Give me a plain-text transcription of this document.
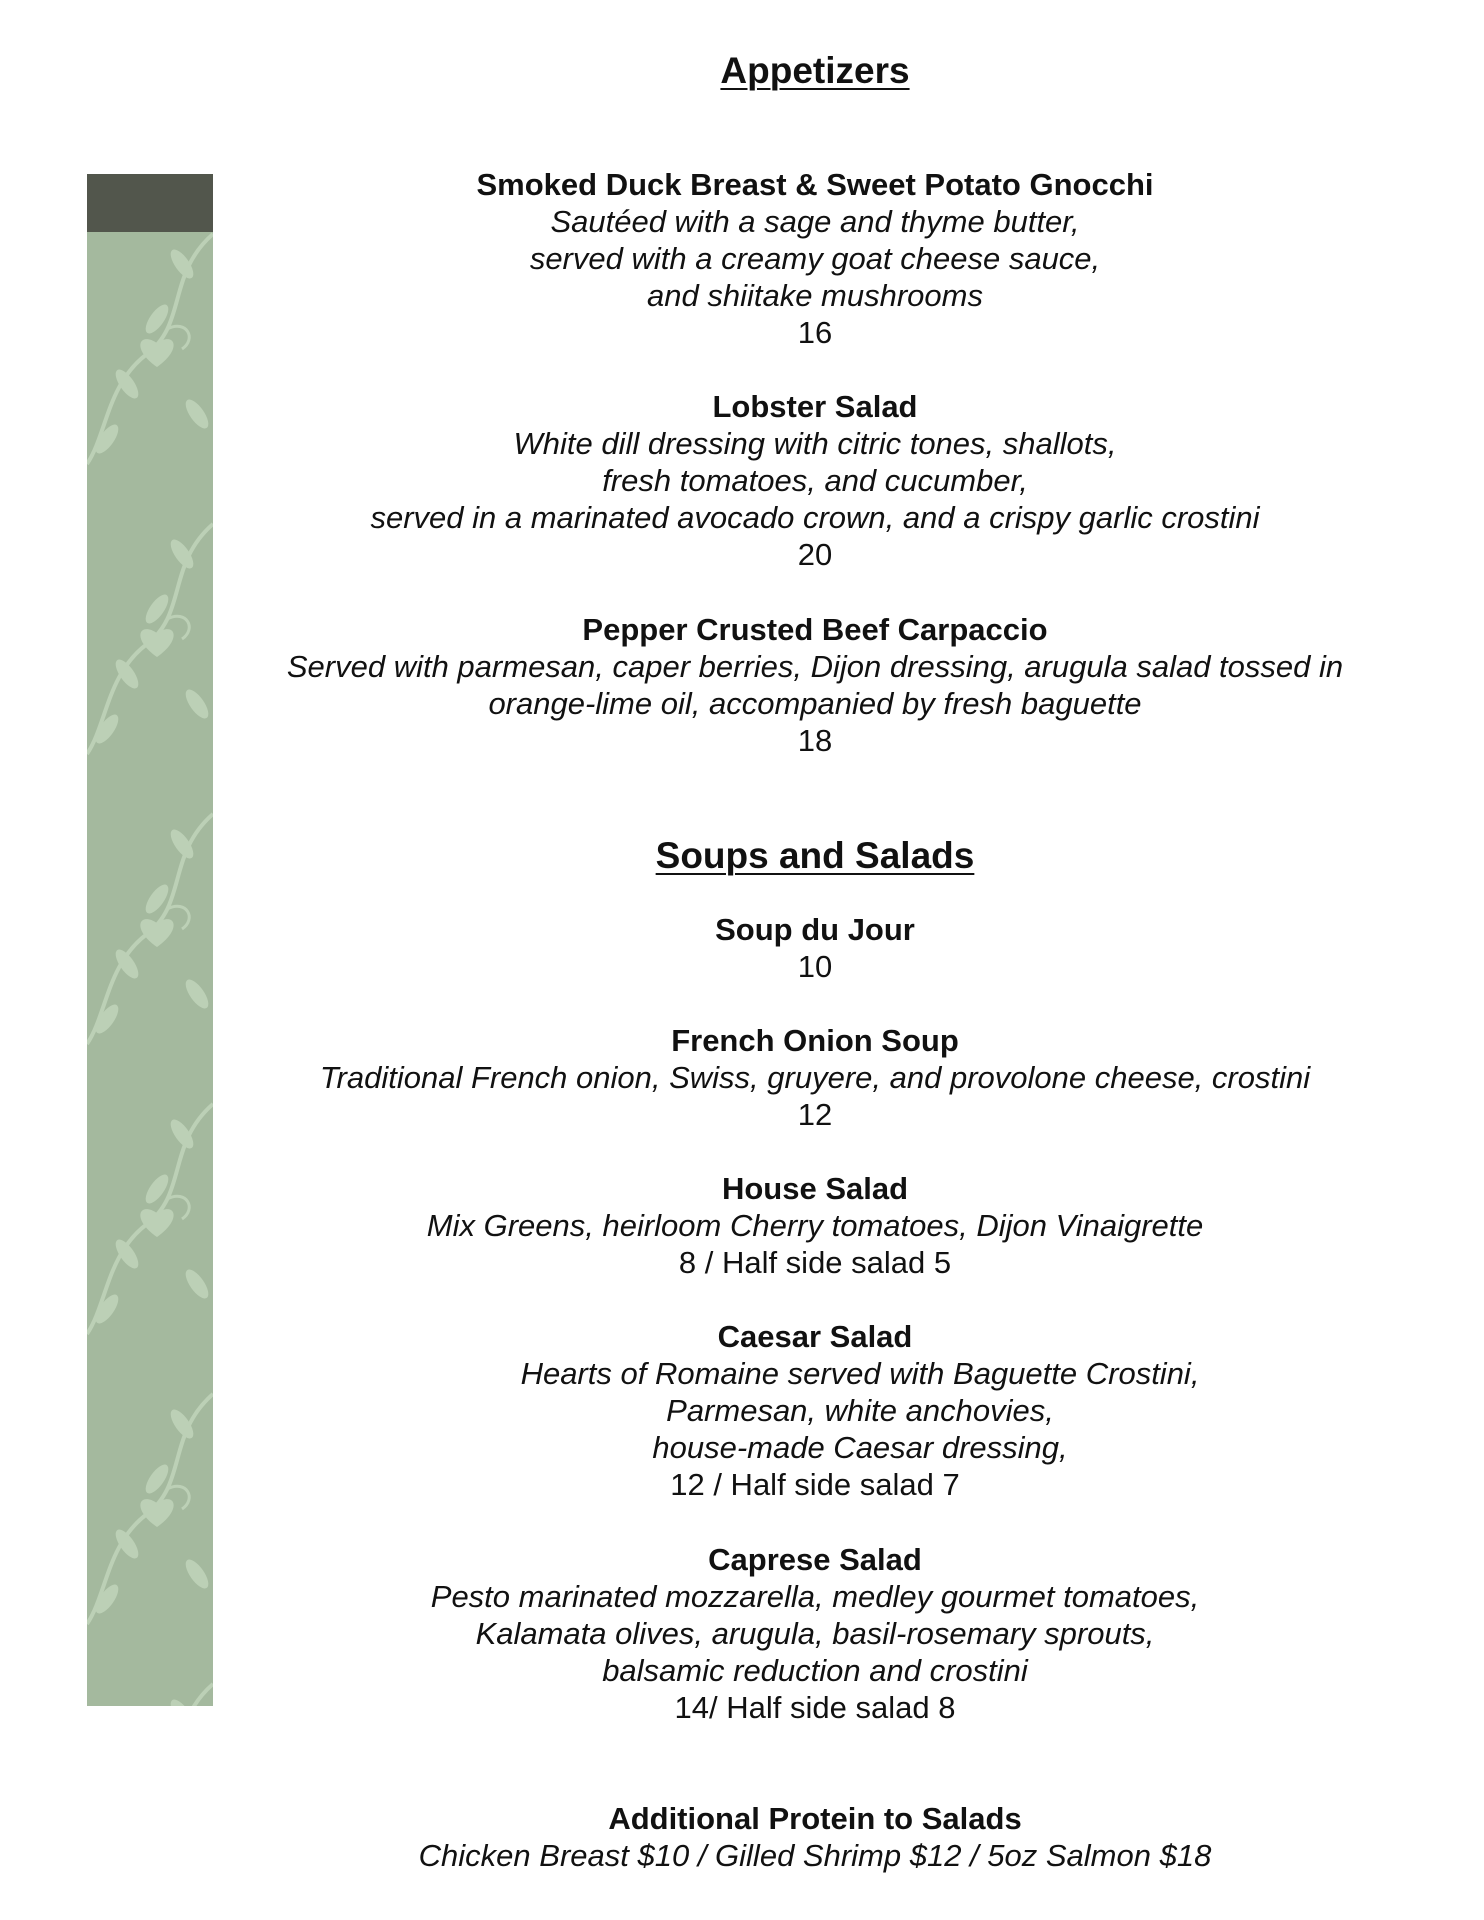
Appetizers
Smoked Duck Breast & Sweet Potato Gnocchi
Sautéed with a sage and thyme butter,
served with a creamy goat cheese sauce,
and shiitake mushrooms
16
Lobster Salad
White dill dressing with citric tones, shallots,
fresh tomatoes, and cucumber,
served in a marinated avocado crown, and a crispy garlic crostini
20
Pepper Crusted Beef Carpaccio
Served with parmesan, caper berries, Dijon dressing, arugula salad tossed in
orange-lime oil, accompanied by fresh baguette
18
Soups and Salads
Soup du Jour
10
French Onion Soup
Traditional French onion, Swiss, gruyere, and provolone cheese, crostini
12
House Salad
Mix Greens, heirloom Cherry tomatoes, Dijon Vinaigrette
8 / Half side salad 5
Caesar Salad
Hearts of Romaine served with Baguette Crostini,
Parmesan, white anchovies,
house-made Caesar dressing,
12 / Half side salad 7
Caprese Salad
Pesto marinated mozzarella, medley gourmet tomatoes,
Kalamata olives, arugula, basil-rosemary sprouts,
balsamic reduction and crostini
14/ Half side salad 8
Additional Protein to Salads
Chicken Breast $10 / Gilled Shrimp $12 / 5oz Salmon $18
